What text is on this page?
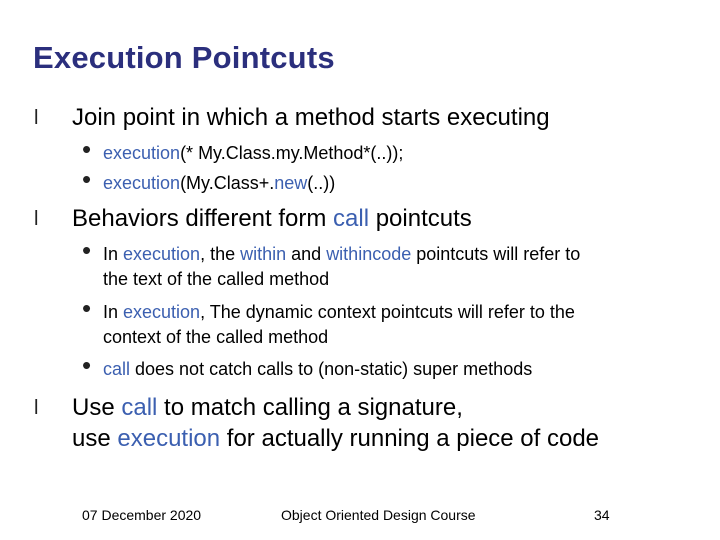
Execution Pointcuts
l Join point in which a method starts executing
• execution(* My.Class.my.Method*(..));
• execution(My.Class+.new(..))
l Behaviors different form call pointcuts
• In execution, the within and withincode pointcuts will refer to
the text of the called method
• In execution, The dynamic context pointcuts will refer to the
context of the called method
• call does not catch calls to (non-static) super methods
l Use call to match calling a signature,
use execution for actually running a piece of code
07 December 2020	Object Oriented Design Course	34
